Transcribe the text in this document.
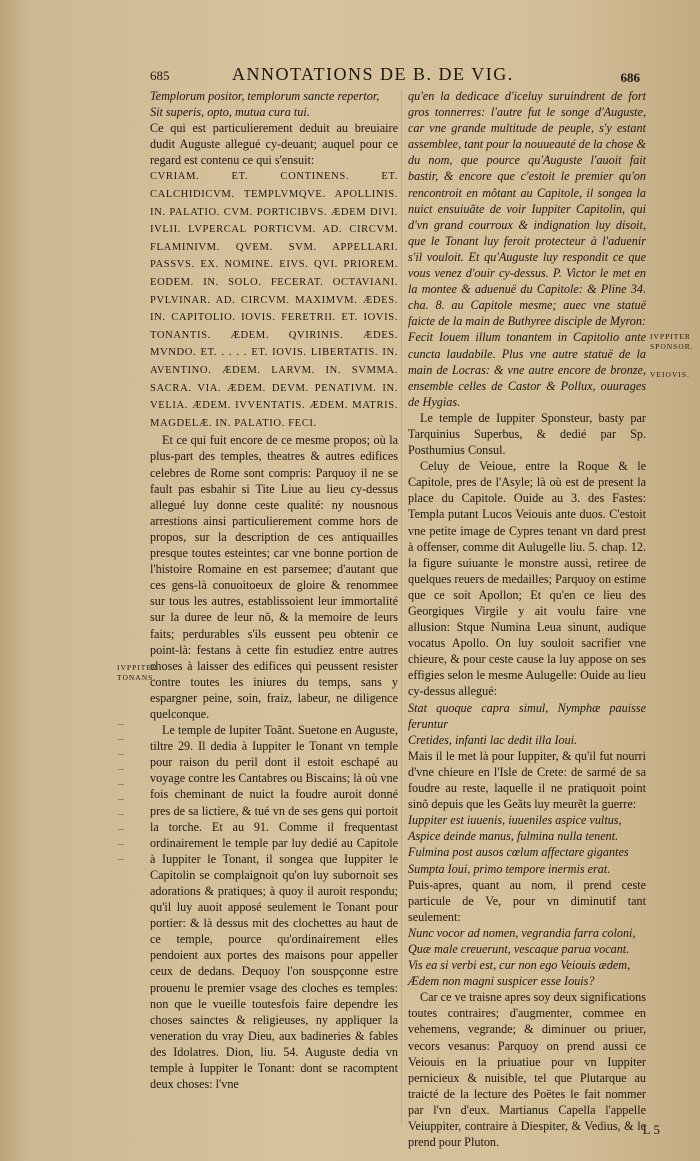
685	ANNOTATIONS DE B. DE VIG.	686

Templorum positor, templorum sancte repertor,

Sit superis, opto, mutua cura tui.

Ce qui est particulierement deduit au breuiaire dudit Auguste allegué cy-deuant; auquel pour ce regard est contenu ce qui s'ensuit:

CVRIAM. ET. CONTINENS. ET. CALCHIDICVM. TEMPLVMQVE. APOLLINIS. IN. PALATIO. CVM. PORTICIBVS. ÆDEM DIVI. IVLII. LVPERCAL PORTICVM. AD. CIRCVM. FLAMINIVM. QVEM. SVM. APPELLARI. PASSVS. EX. NOMINE. EIVS. QVI. PRIOREM. EODEM. IN. SOLO. FECERAT. OCTAVIANI. PVLVINAR. AD. CIRCVM. MAXIMVM. ÆDES. IN. CAPITOLIO. IOVIS. FERETRII. ET. IOVIS. TONANTIS. ÆDEM. QVIRINIS. ÆDES. MVNDO. ET. . . . . ET. IOVIS. LIBERTATIS. IN. AVENTINO. ÆDEM. LARVM. IN. SVMMA. SACRA. VIA. ÆDEM. DEVM. PENATIVM. IN. VELIA. ÆDEM. IVVENTATIS. ÆDEM. MATRIS. MAGDELÆ. IN. PALATIO. FECI.

Et ce qui fuit encore de ce mesme propos; où la plus-part des temples, theatres & autres edifices celebres de Rome sont compris: Parquoy il ne se fault pas esbahir si Tite Liue au lieu cy-dessus allegué luy donne ceste qualité: ny nousnous arrestions ainsi particulierement comme hors de propos, sur la description de ces antiquailles presque toutes esteintes; car vne bonne portion de l'histoire Romaine en est parsemee; d'autant que ces gens-là conuoitoeux de gloire & renommee sur tous les autres, establissoient leur immortalité sur la duree de leur nõ, & la memoire de leurs faits; perdurables s'ils eussent peu obtenir ce point-là: festans à cette fin estudiez entre autres choses à laisser des edifices qui peussent resister contre toutes les iniures du temps, sans y espargner peine, soin, fraiz, labeur, ne diligence quelconque.

Le temple de Iupiter Toãnt. Suetone en Auguste, tiltre 29. Il dedia à Iuppiter le Tonant vn temple pour raison du peril dont il estoit eschapé au voyage contre les Cantabres ou Biscains; là où vne fois cheminant de nuict la foudre auroit donné pres de sa lictiere, & tué vn de ses gens qui portoit la torche. Et au 91. Comme il frequentast ordinairement le temple par luy dedié au Capitole à Iuppiter le Tonant, il songea que Iuppiter le Capitolin se complaignoit qu'on luy subornoit ses adorations & pratiques; à quoy il auroit respondu; qu'il luy auoit apposé seulement le Tonant pour portier: & là dessus mit des clochettes au haut de ce temple, pource qu'ordinairement elles pendoient aux portes des maisons pour appeller ceux de dedans. Dequoy l'on souspçonne estre prouenu le premier vsage des cloches es temples: non que le vueille toutesfois faire dependre les choses sainctes & religieuses, ny appliquer la veneration du vray Dieu, aux badineries & fables des Idolatres. Dion, liu. 54. Auguste dedia vn temple à Iuppiter le Tonant: dont se racomptent deux choses: l'vne

IVPPITER TONANS.

qu'en la dedicace d'iceluy suruindrent de fort gros tonnerres: l'autre fut le songe d'Auguste, car vne grande multitude de peuple, s'y estant assemblee, tant pour la nouueauté de la chose & du nom, que pource qu'Auguste l'auoit fait bastir, & encore que c'estoit le premier qu'on rencontroit en môtant au Capitole, il songea la nuict ensuiuãte de voir Iuppiter Capitolin, qui d'vn grand courroux & indignation luy disoit, que le Tonant luy feroit protecteur à l'aduenir s'il vouloit. Et qu'Auguste luy respondit ce que vous venez d'ouir cy-dessus. P. Victor le met en la montee & aduenuë du Capitole: & Pline 34. cha. 8. au Capitole mesme; auec vne statuë faicte de la main de Buthyree disciple de Myron: Fecit Iouem illum tonantem in Capitolio ante cuncta laudabile. Plus vne autre statuë de la main de Locras: & vne autre encore de bronze, ensemble celles de Castor & Pollux, ouurages de Hygias.

Le temple de Iuppiter Sponsteur, basty par Tarquinius Superbus, & dedié par Sp. Posthumius Consul.

Celuy de Veioue, entre la Roque & le Capitole, pres de l'Asyle; là où est de present la place du Capitole. Ouide au 3. des Fastes: Templa putant Lucos Veiouis ante duos. C'estoit vne petite image de Cypres tenant vn dard prest à offenser, comme dit Aulugelle liu. 5. chap. 12. la figure suiuante le monstre aussi, retiree de quelques reuers de medailles; Parquoy on estime que ce soit Apollon; Et qu'en ce lieu des Georgiques Virgile y ait voulu faire vne allusion: Stque Numina Leua sinunt, audique vocatus Apollo. On luy souloit sacrifier vne chieure, & pour ceste cause la luy appose on ses effigies selon le mesme Aulugelle: Ouide au lieu cy-dessus allegué:

Stat quoque capra simul, Nymphæ pauisse feruntur

Cretides, infanti lac dedit illa Ioui.

Mais il le met là pour Iuppiter, & qu'il fut nourri d'vne chieure en l'Isle de Crete: de sarmé de sa foudre au reste, laquelle il ne pratiquoit point sinõ depuis que les Geãts luy meurẽt la guerre:

Iuppiter est iuuenis, iuueniles aspice vultus,

Aspice deinde manus, fulmina nulla tenent.

Fulmina post ausos cœlum affectare gigantes

Sumpta Ioui, primo tempore inermis erat.

Puis-apres, quant au nom, il prend ceste particule de Ve, pour vn diminutif tant seulement:

Nunc vocor ad nomen, vegrandia farra coloni,

Quæ male creuerunt, vescaque parua vocant.

Vis ea si verbi est, cur non ego Veiouis ædem,

Ædem non magni suspicer esse Iouis?

Car ce ve traisne apres soy deux significations toutes contraires; d'augmenter, commee en vehemens, vegrande; & diminuer ou priuer, vecors vesanus: Parquoy on prend aussi ce Veiouis en la priuatiue pour vn Iuppiter pernicieux & nuisible, tel que Plutarque au traicté de la lecture des Poëtes le fait nommer par l'vn d'eux. Martianus Capella l'appelle Veiuppiter, contraire à Diespiter, & Vedius, & le prend pour Pluton.

IVPPITER SPONSOR.
VEIOVIS.
L 5
